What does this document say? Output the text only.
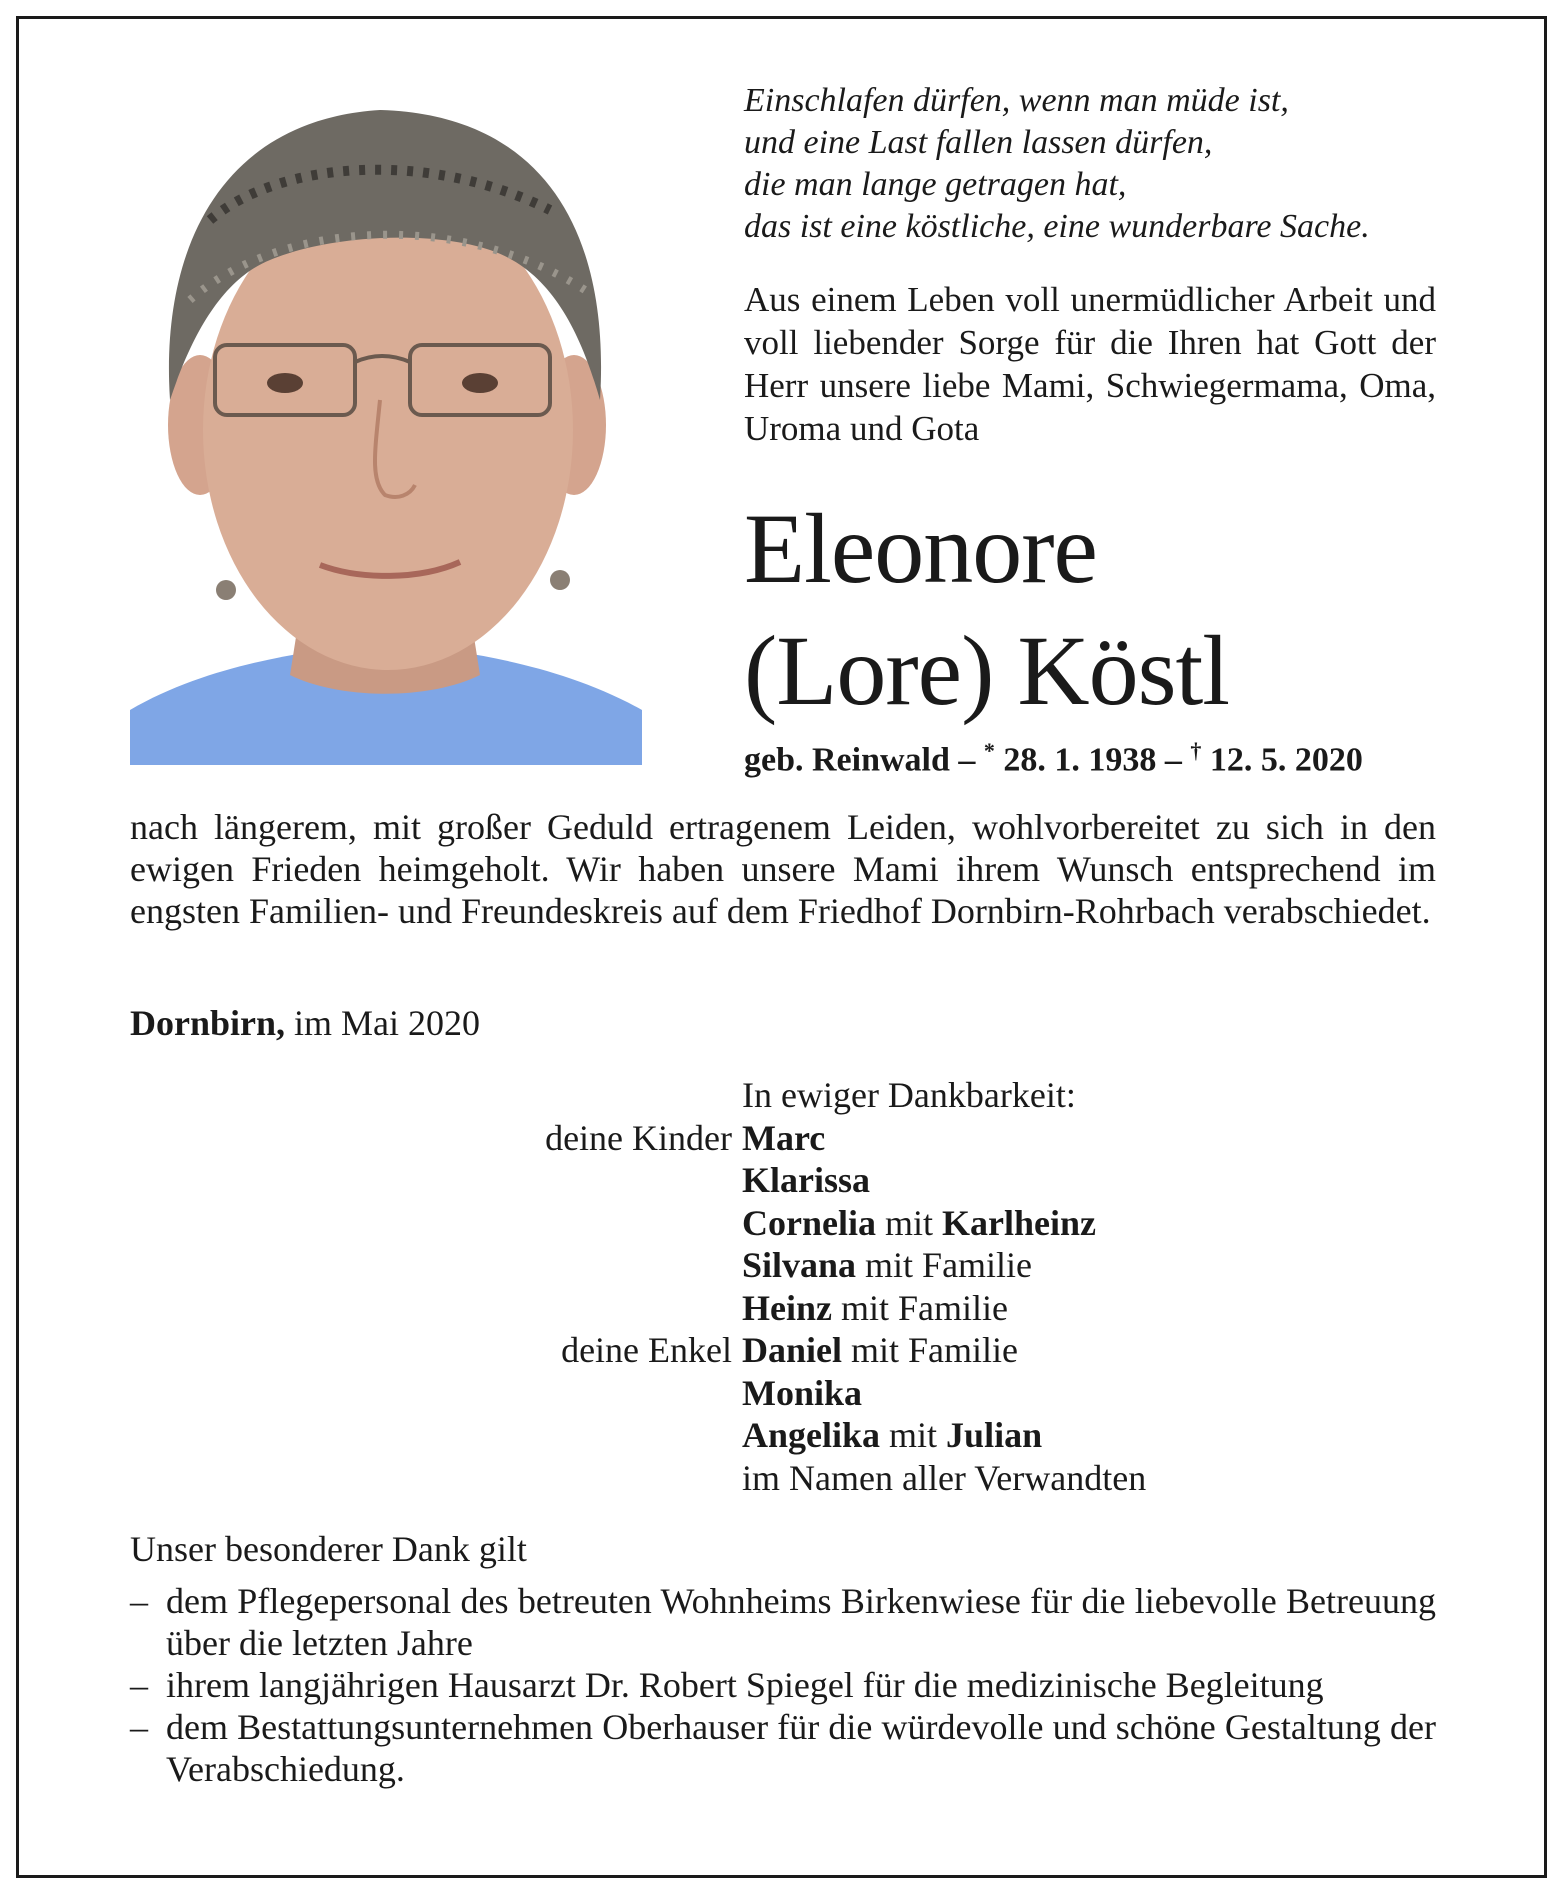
Einschlafen dürfen, wenn man müde ist,
und eine Last fallen lassen dürfen,
die man lange getragen hat,
das ist eine köstliche, eine wunderbare Sache.
Aus einem Leben voll unermüdlicher Arbeit und voll liebender Sorge für die Ihren hat Gott der Herr unsere liebe Mami, Schwiegermama, Oma, Uroma und Gota
Eleonore
(Lore) Köstl
geb. Reinwald – * 28. 1. 1938 – † 12. 5. 2020
nach längerem, mit großer Geduld ertragenem Leiden, wohlvorbereitet zu sich in den ewigen Frieden heimgeholt. Wir haben unsere Mami ihrem Wunsch entsprechend im engsten Familien- und Freundeskreis auf dem Friedhof Dornbirn-Rohrbach verabschiedet.
Dornbirn, im Mai 2020
In ewiger Dankbarkeit:
deine Kinder Marc
Klarissa
Cornelia mit Karlheinz
Silvana mit Familie
Heinz mit Familie
deine Enkel Daniel mit Familie
Monika
Angelika mit Julian
im Namen aller Verwandten
Unser besonderer Dank gilt
– dem Pflegepersonal des betreuten Wohnheims Birkenwiese für die liebevolle Betreuung über die letzten Jahre
– ihrem langjährigen Hausarzt Dr. Robert Spiegel für die medizinische Begleitung
– dem Bestattungsunternehmen Oberhauser für die würdevolle und schöne Gestaltung der Verabschiedung.
